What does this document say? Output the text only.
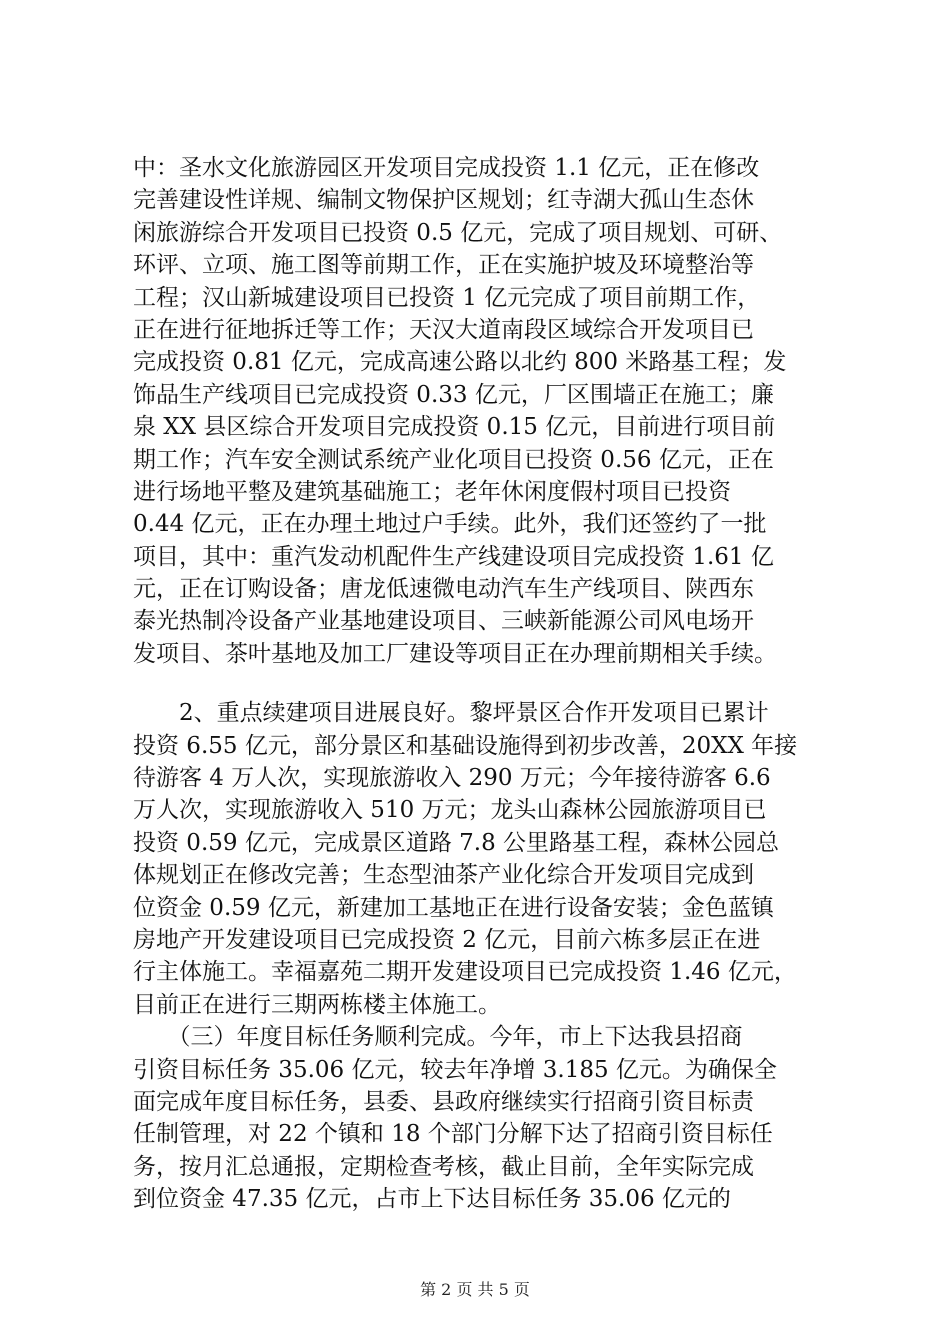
中：圣水文化旅游园区开发项目完成投资 1.1 亿元，正在修改
完善建设性详规、编制文物保护区规划；红寺湖大孤山生态休
闲旅游综合开发项目已投资 0.5 亿元，完成了项目规划、可研、
环评、立项、施工图等前期工作，正在实施护坡及环境整治等
工程；汉山新城建设项目已投资 1 亿元完成了项目前期工作，
正在进行征地拆迁等工作；天汉大道南段区域综合开发项目已
完成投资 0.81 亿元，完成高速公路以北约 800 米路基工程；发
饰品生产线项目已完成投资 0.33 亿元，厂区围墙正在施工；廉
泉 XX 县区综合开发项目完成投资 0.15 亿元，目前进行项目前
期工作；汽车安全测试系统产业化项目已投资 0.56 亿元，正在
进行场地平整及建筑基础施工；老年休闲度假村项目已投资
0.44 亿元，正在办理土地过户手续。此外，我们还签约了一批
项目，其中：重汽发动机配件生产线建设项目完成投资 1.61 亿
元，正在订购设备；唐龙低速微电动汽车生产线项目、陕西东
泰光热制冷设备产业基地建设项目、三峡新能源公司风电场开
发项目、茶叶基地及加工厂建设等项目正在办理前期相关手续。
　　2、重点续建项目进展良好。黎坪景区合作开发项目已累计
投资 6.55 亿元，部分景区和基础设施得到初步改善，20XX 年接
待游客 4 万人次，实现旅游收入 290 万元；今年接待游客 6.6
万人次，实现旅游收入 510 万元；龙头山森林公园旅游项目已
投资 0.59 亿元，完成景区道路 7.8 公里路基工程，森林公园总
体规划正在修改完善；生态型油茶产业化综合开发项目完成到
位资金 0.59 亿元，新建加工基地正在进行设备安装；金色蓝镇
房地产开发建设项目已完成投资 2 亿元，目前六栋多层正在进
行主体施工。幸福嘉苑二期开发建设项目已完成投资 1.46 亿元，
目前正在进行三期两栋楼主体施工。
　　（三）年度目标任务顺利完成。今年，市上下达我县招商
引资目标任务 35.06 亿元，较去年净增 3.185 亿元。为确保全
面完成年度目标任务，县委、县政府继续实行招商引资目标责
任制管理，对 22 个镇和 18 个部门分解下达了招商引资目标任
务，按月汇总通报，定期检查考核，截止目前，全年实际完成
到位资金 47.35 亿元，占市上下达目标任务 35.06 亿元的
第 2 页 共 5 页
